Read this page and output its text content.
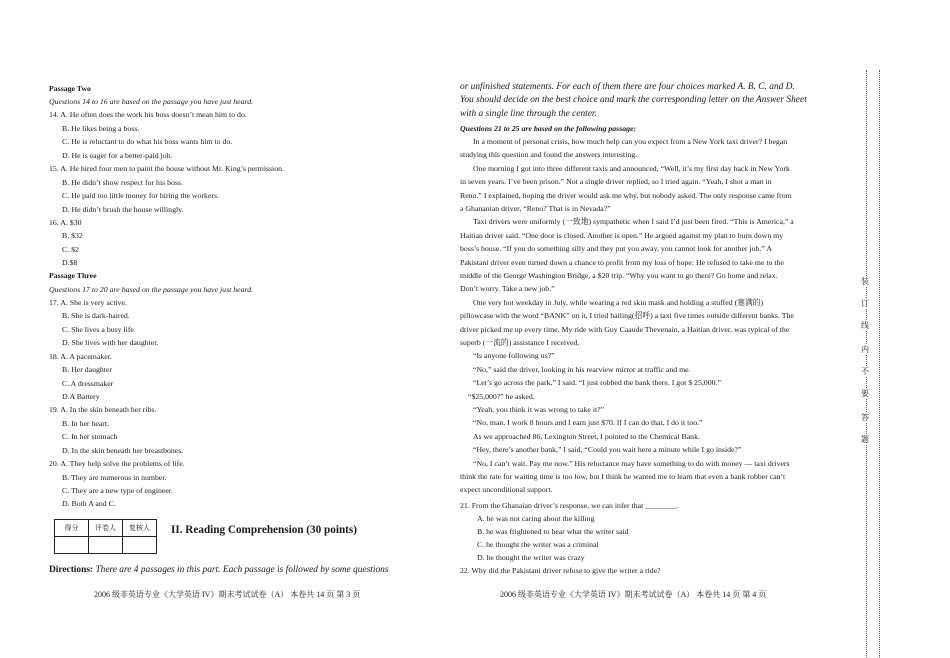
Passage Two
Questions 14 to 16 are based on the passage you have just heard.
14. A. He often does the work his boss doesn’t mean him to do.
B. He likes being a boss.
C. He is reluctant to do what his boss wants him to do.
D. He is eager for a better-paid job.
15. A. He hired four men to paint the house without Mr. King’s permission.
B. He didn’t show respect for his boss.
C. He paid too little money for hiring the workers.
D. He didn’t brush the house willingly.
16. A. $30
B. $32
C. $2
D.$8
Passage Three
Questions 17 to 20 are based on the passage you have just heard.
17. A. She is very active.
B. She is dark-haired.
C. She lives a busy life.
D. She lives with her daughter.
18. A. A pacemaker.
B. Her daughter
C. A dressmaker
D.A Battery
19. A. In the skin beneath her ribs.
B. In her heart.
C. In her stomach
D. In the skin beneath her breastbones.
20. A. They help solve the problems of life.
B. They are numerous in number.
C. They are a new type of engineer.
D. Both A and C.
得分	评卷人	复核人
		II. Reading Comprehension (30 points)
Directions: There are 4 passages in this part. Each passage is followed by some questions
2006 级非英语专业《大学英语 IV》期末考试试卷（A） 本卷共 14 页 第 3 页
or unfinished statements. For each of them there are four choices marked A. B. C. and D.
You should decide on the best choice and mark the corresponding letter on the Answer Sheet
with a single line through the center.
Questions 21 to 25 are based on the following passage:
In a moment of personal crisis, how much help can you expect from a New York taxi driver? I began
studying this question and found the answers interesting.
One morning I got into three different taxis and announced, “Well, it’s my first day back in New York
in seven years. I’ve been prison.” Not a single driver replied, so I tried again. “Yeah, I shot a man in
Reno.” I explained, hoping the driver would ask me why, but nobody asked. The only response came from
a Ghananian driver, “Reno? That is in Nevada?”
Taxi drivers were uniformly (一致地) sympathetic when I said I’d just been fired. “This is America,” a
Haitian driver said. “One door is closed. Another is open.” He argued against my plan to burn down my
boss’s house. “If you do something silly and they put you away, you cannot look for another job.” A
Pakistani driver even turned down a chance to profit from my loss of hope: He refused to take me to the
middle of the George Washington Bridge, a $20 trip. “Why you want to go there? Go home and relax.
Don’t worry. Take a new job.”
One very hot weekday in July, while wearing a red skin mask and holding a stuffed (塞满的)
pillowcase with the word “BANK” on it, I tried hailing(招呼) a taxi five times outside different banks. The
driver picked me up every time. My ride with Guy Caaude Thevenain, a Haitian driver, was typical of the
superb (一流的) assistance I received.
“Is anyone following us?”
“No,” said the driver, looking in his rearview mirror at traffic and me.
“Let’s go across the park,” I said. “I just robbed the bank there. I got $ 25,000.”
“$25,000?” he asked.
“Yeah, you think it was wrong to take it?”
“No, man. I work 8 hours and I earn just $70. If I can do that, I do it too.”
As we approached 86, Lexington Street, I pointed to the Chemical Bank.
“Hey, there’s another bank,” I said, “Could you wait here a minute while I go inside?”
“No, I can’t wait. Pay me now.” His reluctance may have something to do with money — taxi drivers
think the rate for waiting time is too low, but I think he wanted me to learn that even a bank robber can’t
expect unconditional support.
21. From the Ghanaian driver’s response, we can infer that ________.
A. he was not caring about the killing
B. he was frightened to hear what the writer said
C. he thought the writer was a criminal
D. he thought the writer was crazy
22. Why did the Pakistani driver refuse to give the writer a ride?
2006 级非英语专业《大学英语 IV》期末考试试卷（A） 本卷共 14 页 第 4 页
装
订
线
内
不
要
答
题
